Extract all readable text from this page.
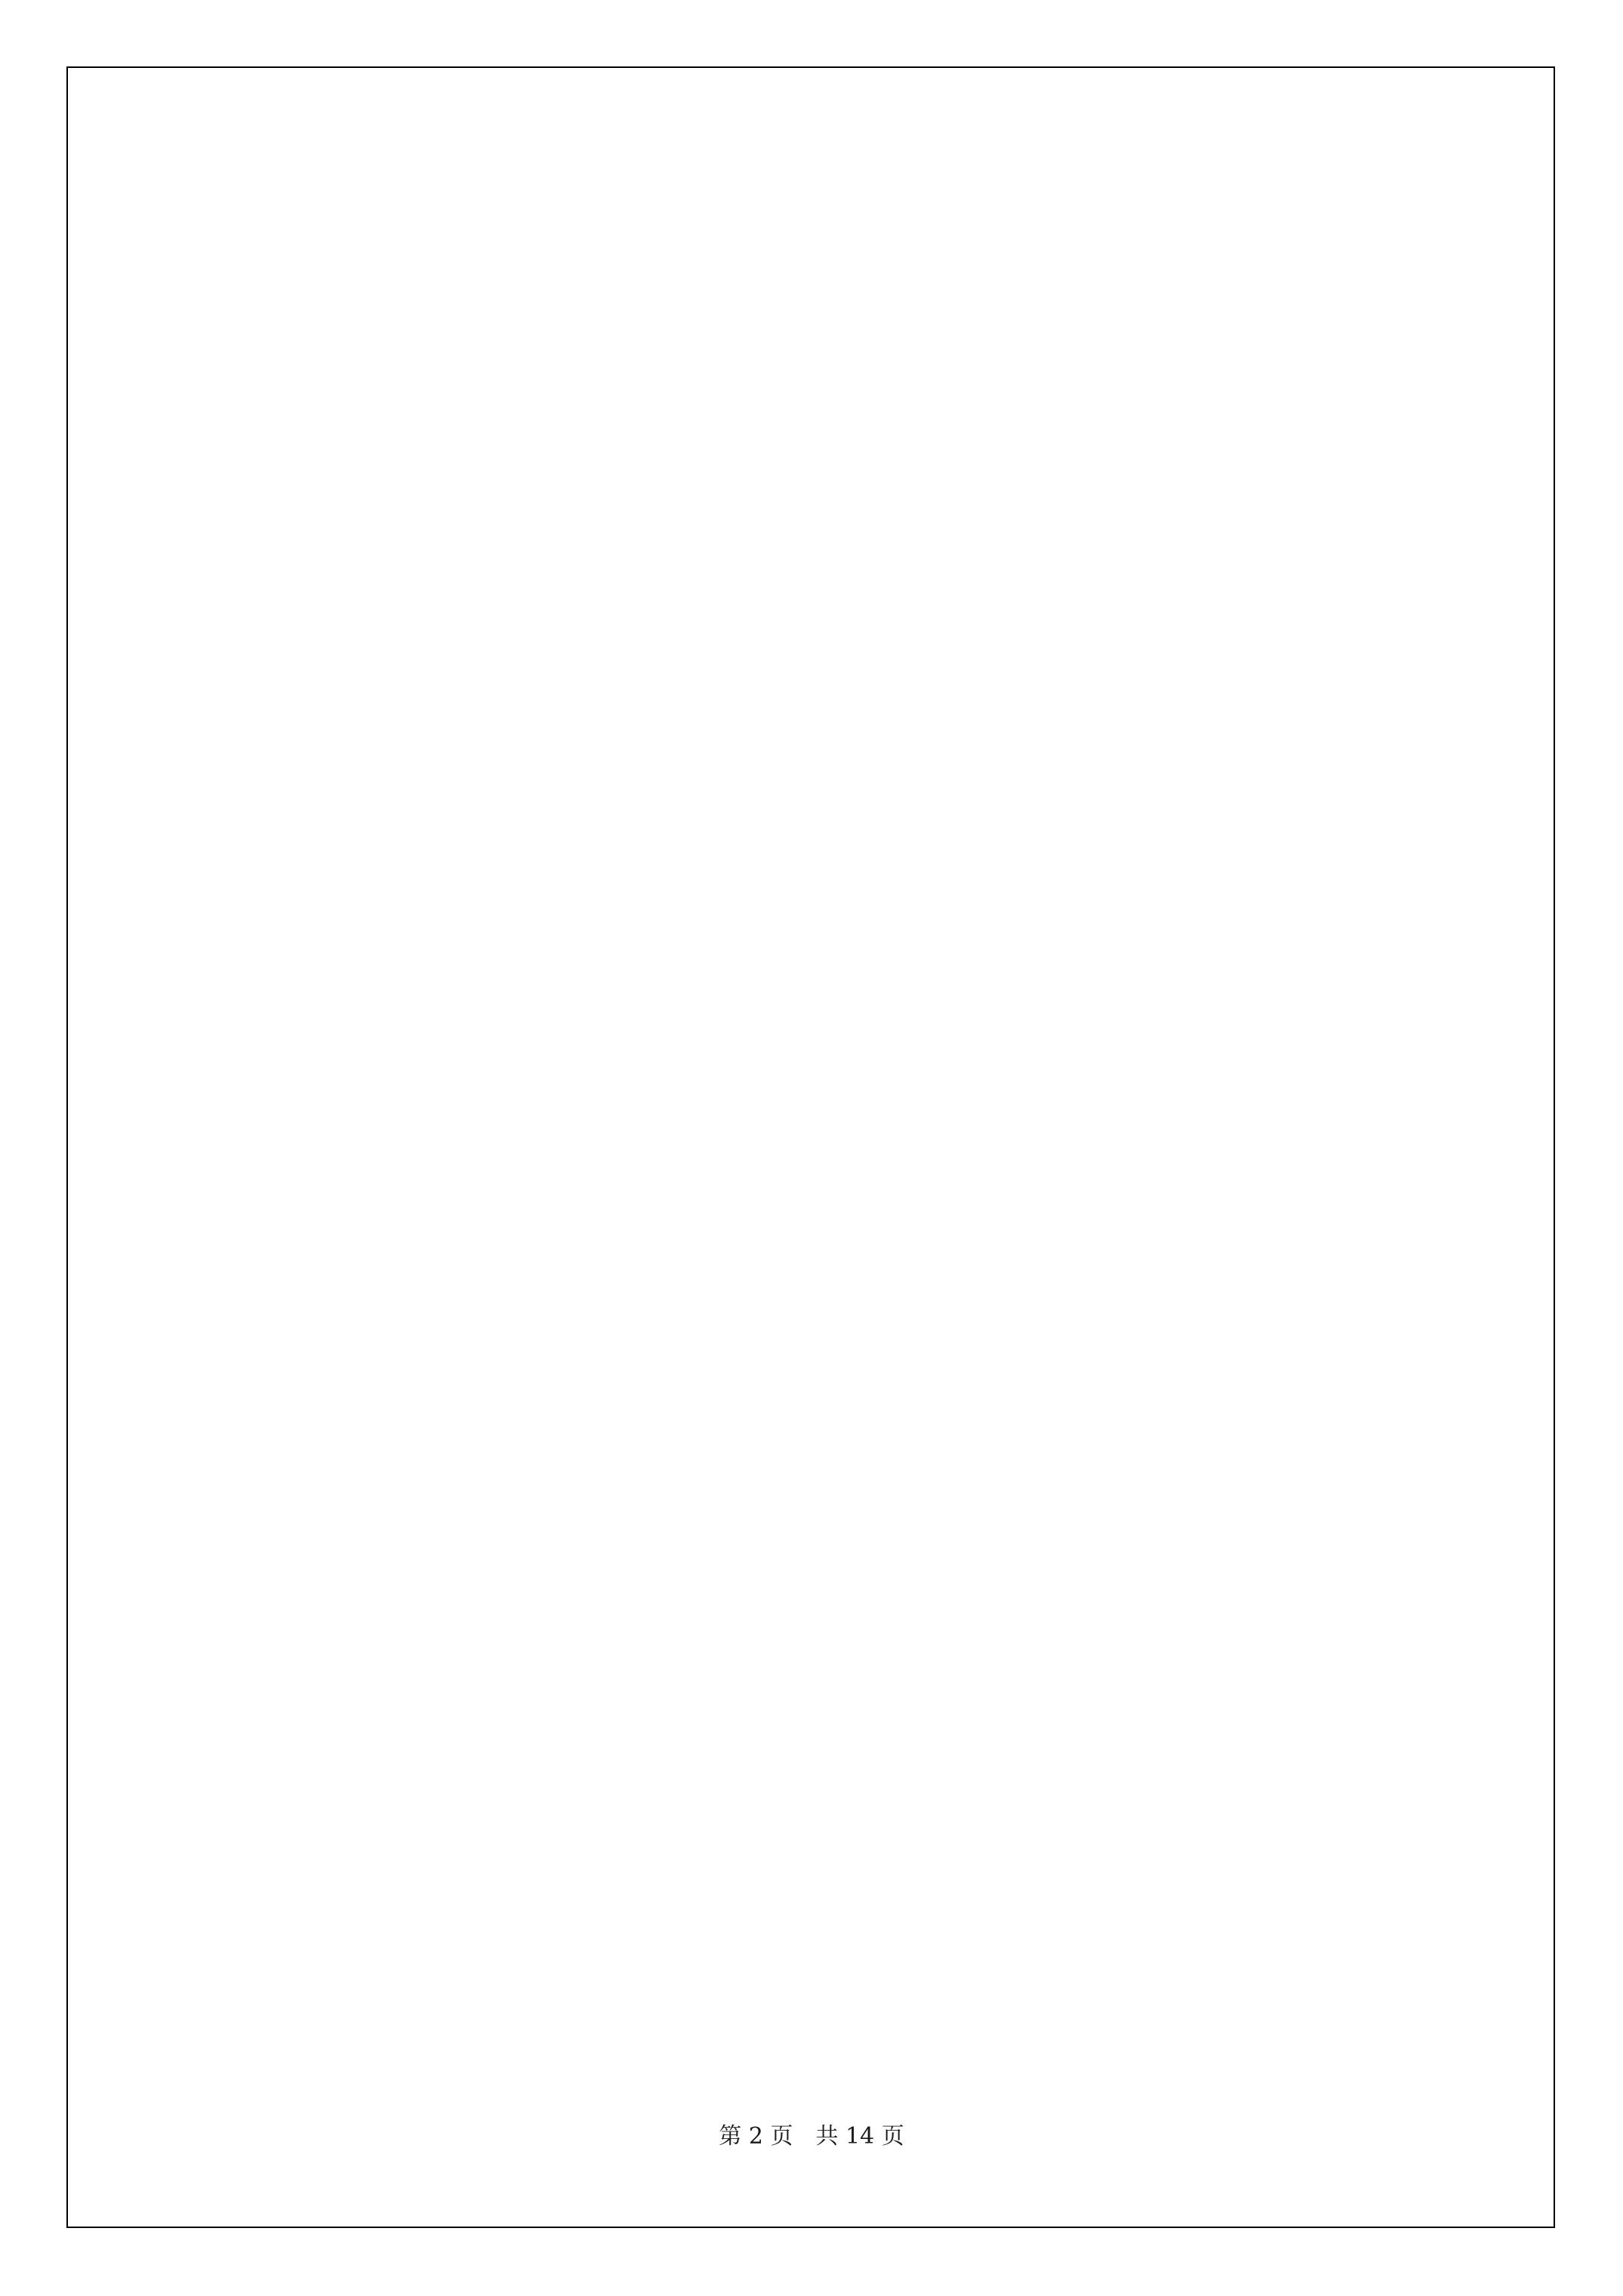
第 2 页　共 14 页
